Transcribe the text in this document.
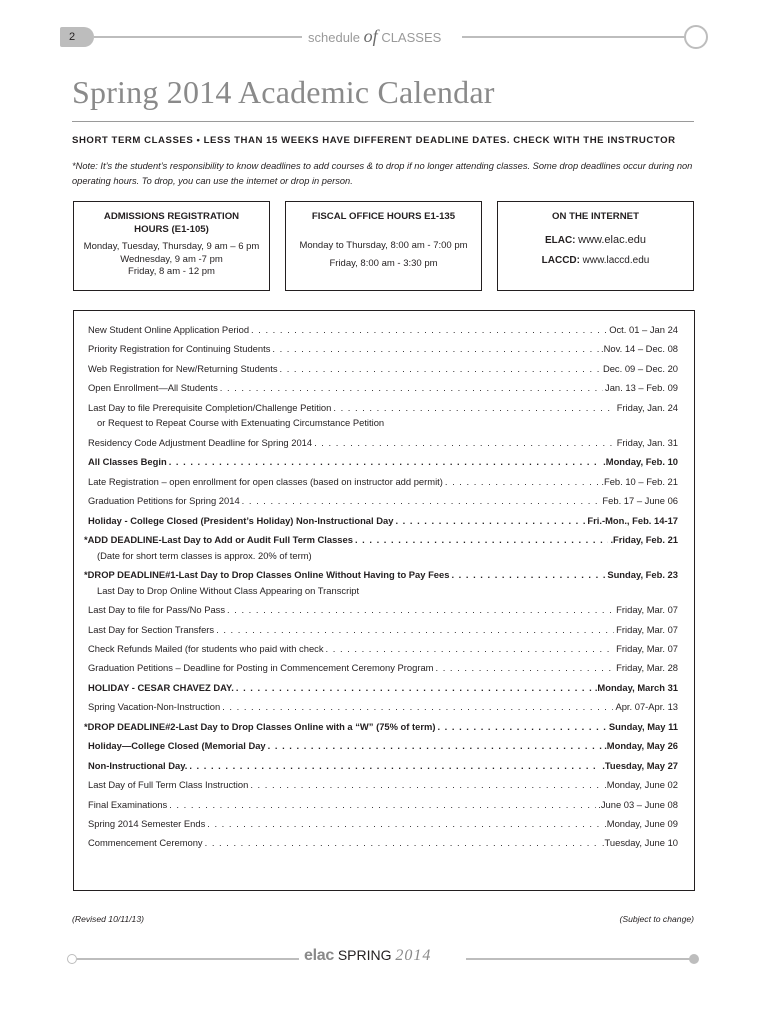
2	schedule of CLASSES
Spring 2014 Academic Calendar
SHORT TERM CLASSES • LESS THAN 15 WEEKS HAVE DIFFERENT DEADLINE DATES. CHECK WITH THE INSTRUCTOR
*Note: It’s the student’s responsibility to know deadlines to add courses & to drop if no longer attending classes. Some drop deadlines occur during non operating hours. To drop, you can use the internet or drop in person.
ADMISSIONS REGISTRATION
HOURS (E1-105)
Monday, Tuesday, Thursday, 9 am – 6 pm
Wednesday, 9 am -7 pm
Friday, 8 am - 12 pm
FISCAL OFFICE HOURS E1-135
Monday to Thursday, 8:00 am - 7:00 pm
Friday, 8:00 am - 3:30 pm
ON THE INTERNET
ELAC: www.elac.edu
LACCD: www.laccd.edu
New Student Online Application Period . . .	Oct. 01 – Jan 24
Priority Registration for Continuing Students . . .	.Nov. 14 – Dec. 08
Web Registration for New/Returning Students . . .	Dec. 09 – Dec. 20
Open Enrollment—All Students . . .	Jan. 13 – Feb. 09
Last Day to file Prerequisite Completion/Challenge Petition . . .	Friday, Jan. 24
or Request to Repeat Course with Extenuating Circumstance Petition
Residency Code Adjustment Deadline for Spring 2014 . . .	Friday, Jan. 31
All Classes Begin . . .	.Monday, Feb. 10
Late Registration – open enrollment for open classes (based on instructor add permit) . . .	.Feb. 10 – Feb. 21
Graduation Petitions for Spring 2014 . . .	Feb. 17 – June 06
Holiday - College Closed (President’s Holiday) Non-Instructional Day . . .	Fri.-Mon., Feb. 14-17
*ADD DEADLINE-Last Day to Add or Audit Full Term Classes . . .	.Friday, Feb. 21
(Date for short term classes is approx. 20% of term)
*DROP DEADLINE#1-Last Day to Drop Classes Online Without Having to Pay Fees . . .	Sunday, Feb. 23
Last Day to Drop Online Without Class Appearing on Transcript
Last Day to file for Pass/No Pass . . .	Friday, Mar. 07
Last Day for Section Transfers . . .	Friday, Mar. 07
Check Refunds Mailed (for students who paid with check . . .	Friday, Mar. 07
Graduation Petitions – Deadline for Posting in Commencement Ceremony Program . . .	Friday, Mar. 28
HOLIDAY - CESAR CHAVEZ DAY. . . .	.Monday, March 31
Spring Vacation-Non-Instruction . . .	Apr. 07-Apr. 13
*DROP DEADLINE#2-Last Day to Drop Classes Online with a “W” (75% of term) . . .	Sunday, May 11
Holiday—College Closed (Memorial Day . . .	.Monday, May 26
Non-Instructional Day. . . .	.Tuesday, May 27
Last Day of Full Term Class Instruction . . .	.Monday, June 02
Final Examinations . . .	.June 03 – June 08
Spring 2014 Semester Ends . . .	.Monday, June 09
Commencement Ceremony . . .	.Tuesday, June 10
(Revised 10/11/13)	(Subject to change)
elac SPRING 2014
